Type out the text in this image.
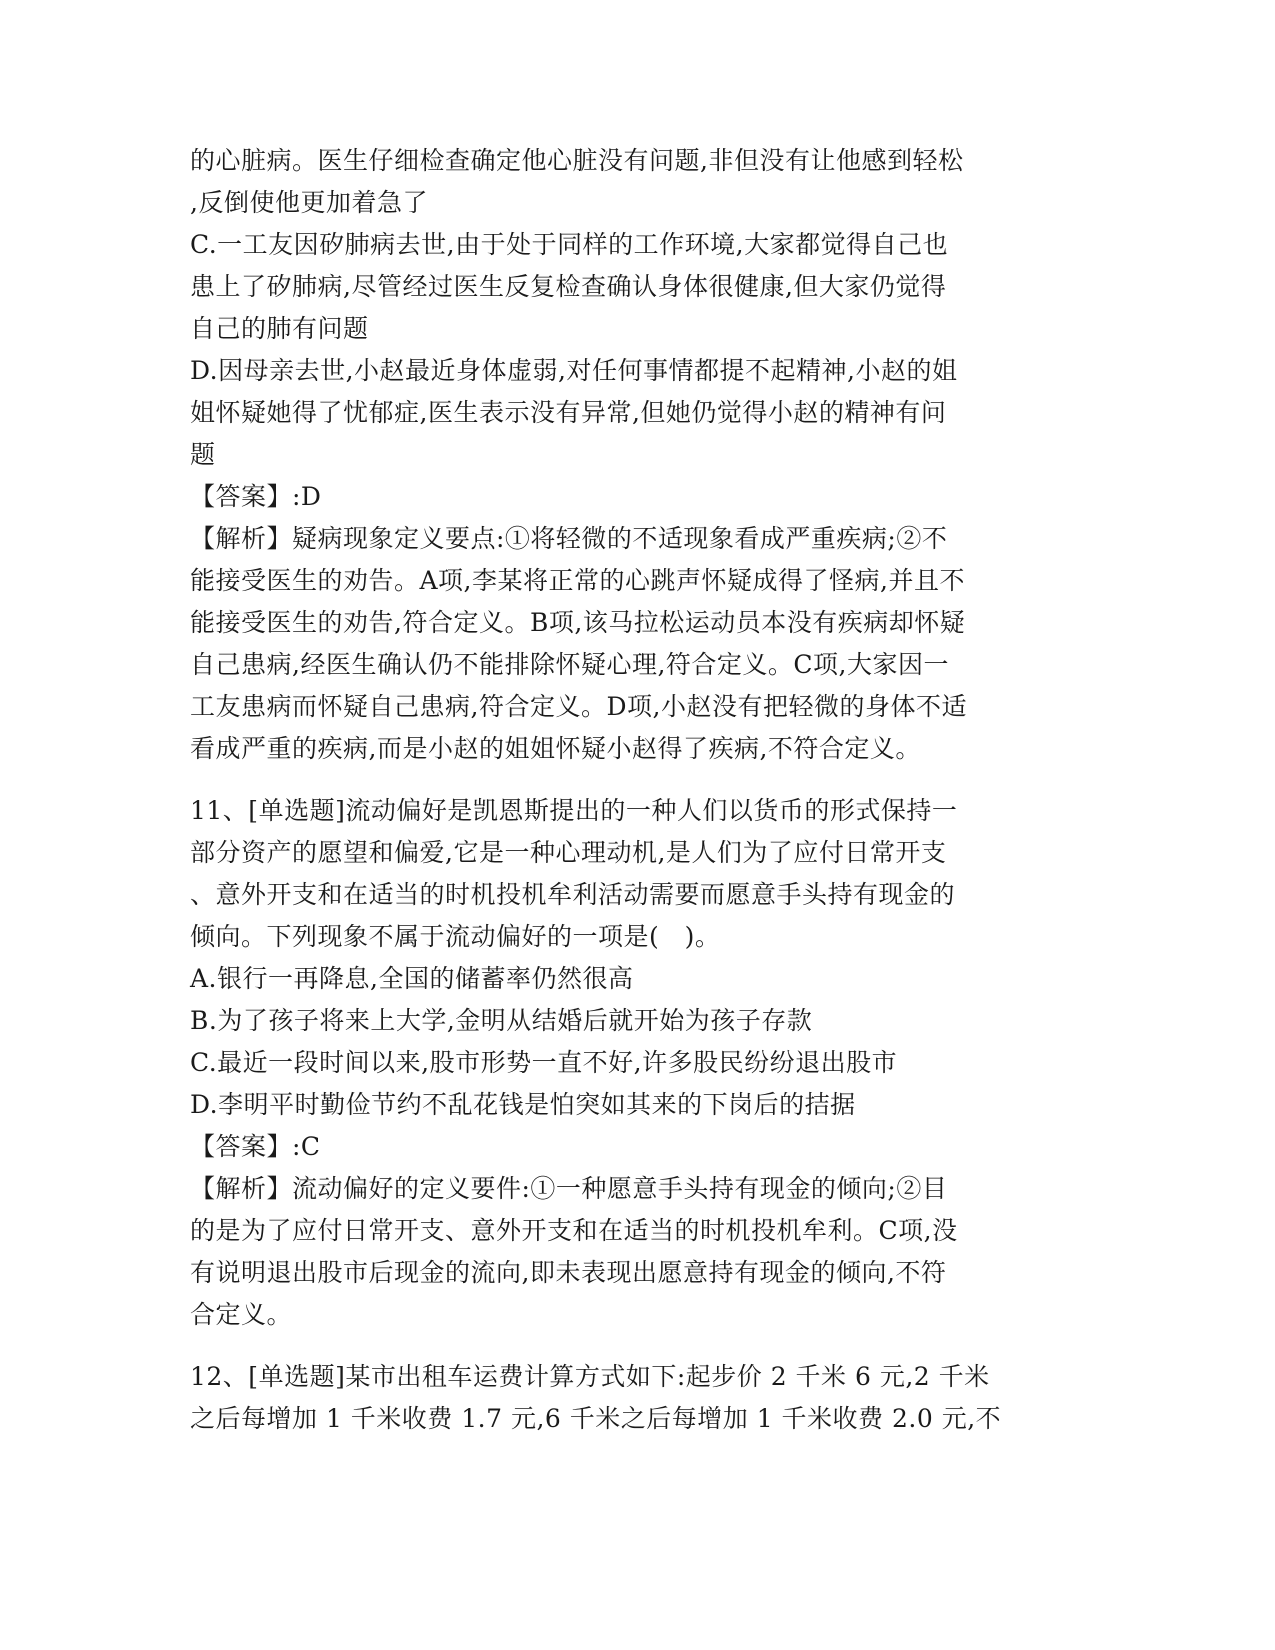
的心脏病。医生仔细检查确定他心脏没有问题,非但没有让他感到轻松
,反倒使他更加着急了
C.一工友因矽肺病去世,由于处于同样的工作环境,大家都觉得自己也
患上了矽肺病,尽管经过医生反复检查确认身体很健康,但大家仍觉得
自己的肺有问题
D.因母亲去世,小赵最近身体虚弱,对任何事情都提不起精神,小赵的姐
姐怀疑她得了忧郁症,医生表示没有异常,但她仍觉得小赵的精神有问
题
【答案】:D
【解析】疑病现象定义要点:①将轻微的不适现象看成严重疾病;②不
能接受医生的劝告。A项,李某将正常的心跳声怀疑成得了怪病,并且不
能接受医生的劝告,符合定义。B项,该马拉松运动员本没有疾病却怀疑
自己患病,经医生确认仍不能排除怀疑心理,符合定义。C项,大家因一
工友患病而怀疑自己患病,符合定义。D项,小赵没有把轻微的身体不适
看成严重的疾病,而是小赵的姐姐怀疑小赵得了疾病,不符合定义。
11、[单选题]流动偏好是凯恩斯提出的一种人们以货币的形式保持一
部分资产的愿望和偏爱,它是一种心理动机,是人们为了应付日常开支
、意外开支和在适当的时机投机牟利活动需要而愿意手头持有现金的
倾向。下列现象不属于流动偏好的一项是(   )。
A.银行一再降息,全国的储蓄率仍然很高
B.为了孩子将来上大学,金明从结婚后就开始为孩子存款
C.最近一段时间以来,股市形势一直不好,许多股民纷纷退出股市
D.李明平时勤俭节约不乱花钱是怕突如其来的下岗后的拮据
【答案】:C
【解析】流动偏好的定义要件:①一种愿意手头持有现金的倾向;②目
的是为了应付日常开支、意外开支和在适当的时机投机牟利。C项,没
有说明退出股市后现金的流向,即未表现出愿意持有现金的倾向,不符
合定义。
12、[单选题]某市出租车运费计算方式如下:起步价 2 千米 6 元,2 千米
之后每增加 1 千米收费 1.7 元,6 千米之后每增加 1 千米收费 2.0 元,不
